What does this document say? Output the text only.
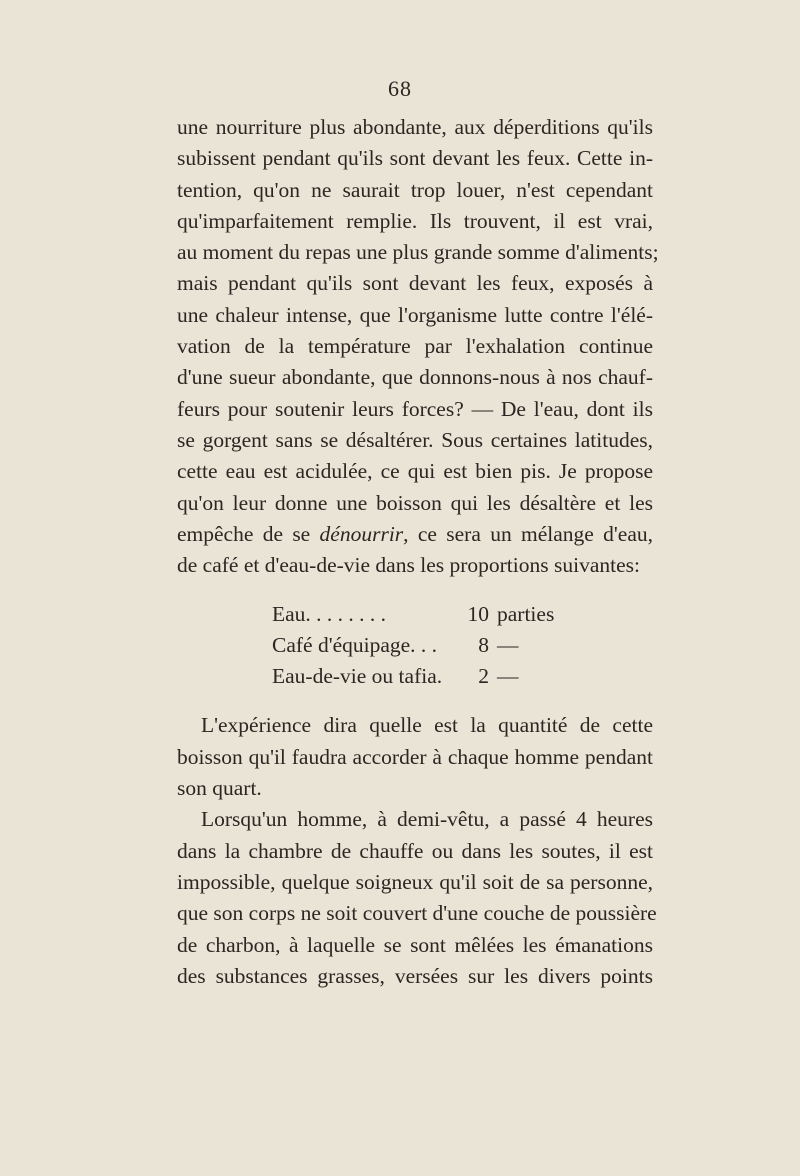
68
une nourriture plus abondante, aux déperditions qu'ils
subissent pendant qu'ils sont devant les feux. Cette in-
tention, qu'on ne saurait trop louer, n'est cependant
qu'imparfaitement remplie. Ils trouvent, il est vrai,
au moment du repas une plus grande somme d'aliments;
mais pendant qu'ils sont devant les feux, exposés à
une chaleur intense, que l'organisme lutte contre l'élé-
vation de la température par l'exhalation continue
d'une sueur abondante, que donnons-nous à nos chauf-
feurs pour soutenir leurs forces? — De l'eau, dont ils
se gorgent sans se désaltérer. Sous certaines latitudes,
cette eau est acidulée, ce qui est bien pis. Je propose
qu'on leur donne une boisson qui les désaltère et les
empêche de se dénourrir, ce sera un mélange d'eau,
de café et d'eau-de-vie dans les proportions suivantes:
Eau. . . . . . . .	10 parties
Café d'équipage. . .	8 —
Eau-de-vie ou tafia.	2 —
L'expérience dira quelle est la quantité de cette
boisson qu'il faudra accorder à chaque homme pendant
son quart.
Lorsqu'un homme, à demi-vêtu, a passé 4 heures
dans la chambre de chauffe ou dans les soutes, il est
impossible, quelque soigneux qu'il soit de sa personne,
que son corps ne soit couvert d'une couche de poussière
de charbon, à laquelle se sont mêlées les émanations
des substances grasses, versées sur les divers points
